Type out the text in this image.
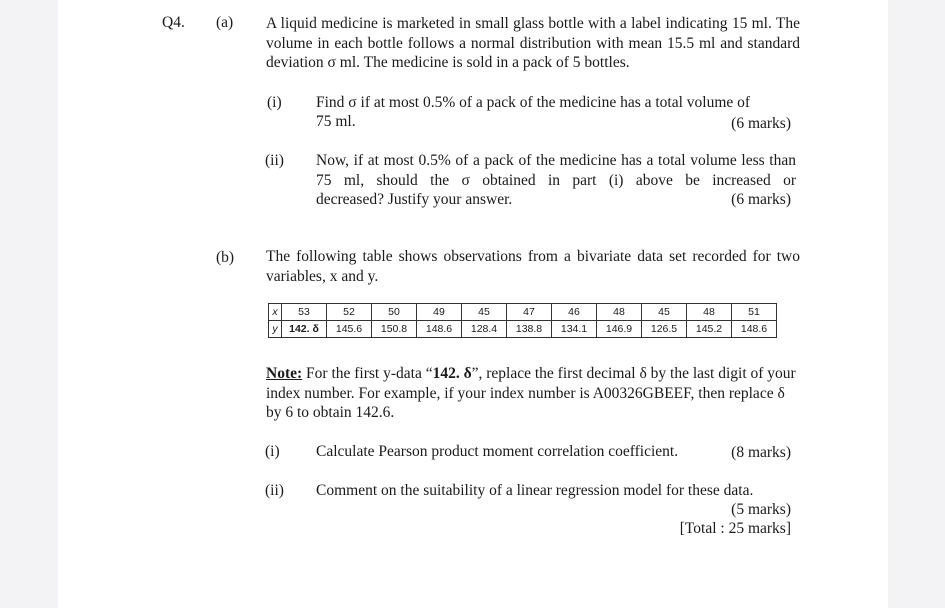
Q4. (a) A liquid medicine is marketed in small glass bottle with a label indicating 15 ml. The volume in each bottle follows a normal distribution with mean 15.5 ml and standard deviation σ ml. The medicine is sold in a pack of 5 bottles.
(i) Find σ if at most 0.5% of a pack of the medicine has a total volume of
75 ml.	(6 marks)
(ii) Now, if at most 0.5% of a pack of the medicine has a total volume less than 75 ml, should the σ obtained in part (i) above be increased or
decreased? Justify your answer.	(6 marks)
(b) The following table shows observations from a bivariate data set recorded for two variables, x and y.
x	53	52	50	49	45	47	46	48	45	48	51
y	142. δ	145.6	150.8	148.6	128.4	138.8	134.1	146.9	126.5	145.2	148.6
Note: For the first y-data “142. δ”, replace the first decimal δ by the last digit of your index number. For example, if your index number is A00326GBEEF, then replace δ by 6 to obtain 142.6.
(i) Calculate Pearson product moment correlation coefficient.	(8 marks)
(ii) Comment on the suitability of a linear regression model for these data.
(5 marks)
[Total : 25 marks]
